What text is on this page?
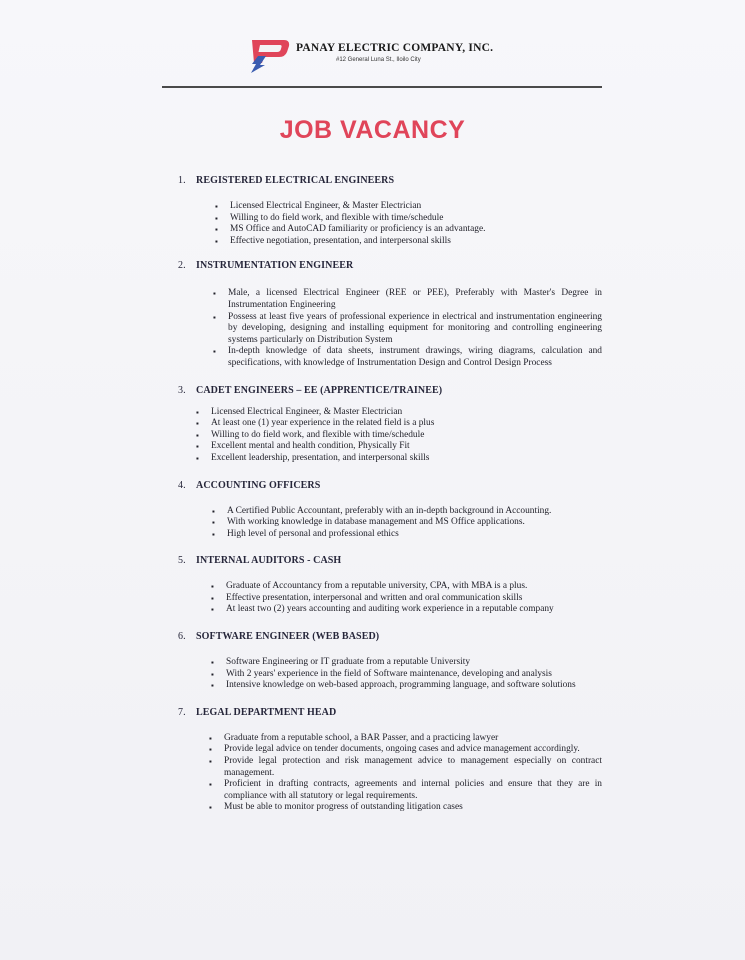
PANAY ELECTRIC COMPANY, INC.
#12 General Luna St., Iloilo City
JOB VACANCY
1. REGISTERED ELECTRICAL ENGINEERS
▪ Licensed Electrical Engineer, & Master Electrician
▪ Willing to do field work, and flexible with time/schedule
▪ MS Office and AutoCAD familiarity or proficiency is an advantage.
▪ Effective negotiation, presentation, and interpersonal skills
2. INSTRUMENTATION ENGINEER
▪ Male, a licensed Electrical Engineer (REE or PEE), Preferably with Master's Degree in Instrumentation Engineering
▪ Possess at least five years of professional experience in electrical and instrumentation engineering by developing, designing and installing equipment for monitoring and controlling engineering systems particularly on Distribution System
▪ In-depth knowledge of data sheets, instrument drawings, wiring diagrams, calculation and specifications, with knowledge of Instrumentation Design and Control Design Process
3. CADET ENGINEERS – EE (APPRENTICE/TRAINEE)
▪ Licensed Electrical Engineer, & Master Electrician
▪ At least one (1) year experience in the related field is a plus
▪ Willing to do field work, and flexible with time/schedule
▪ Excellent mental and health condition, Physically Fit
▪ Excellent leadership, presentation, and interpersonal skills
4. ACCOUNTING OFFICERS
▪ A Certified Public Accountant, preferably with an in-depth background in Accounting.
▪ With working knowledge in database management and MS Office applications.
▪ High level of personal and professional ethics
5. INTERNAL AUDITORS - CASH
▪ Graduate of Accountancy from a reputable university, CPA, with MBA is a plus.
▪ Effective presentation, interpersonal and written and oral communication skills
▪ At least two (2) years accounting and auditing work experience in a reputable company
6. SOFTWARE ENGINEER (WEB BASED)
▪ Software Engineering or IT graduate from a reputable University
▪ With 2 years' experience in the field of Software maintenance, developing and analysis
▪ Intensive knowledge on web-based approach, programming language, and software solutions
7. LEGAL DEPARTMENT HEAD
▪ Graduate from a reputable school, a BAR Passer, and a practicing lawyer
▪ Provide legal advice on tender documents, ongoing cases and advice management accordingly.
▪ Provide legal protection and risk management advice to management especially on contract management.
▪ Proficient in drafting contracts, agreements and internal policies and ensure that they are in compliance with all statutory or legal requirements.
▪ Must be able to monitor progress of outstanding litigation cases
